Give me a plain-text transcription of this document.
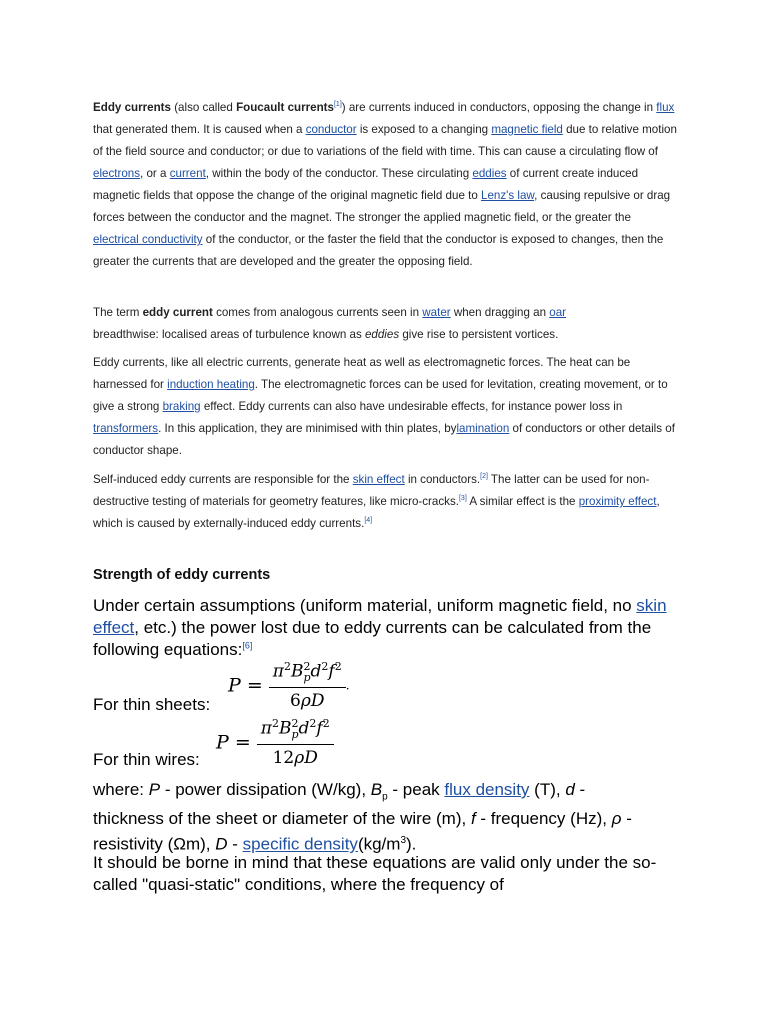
Eddy currents (also called Foucault currents[1]) are currents induced in conductors, opposing the change in flux that generated them. It is caused when a conductor is exposed to a changing magnetic field due to relative motion of the field source and conductor; or due to variations of the field with time. This can cause a circulating flow of electrons, or a current, within the body of the conductor. These circulating eddies of current create induced magnetic fields that oppose the change of the original magnetic field due to Lenz's law, causing repulsive or drag forces between the conductor and the magnet. The stronger the applied magnetic field, or the greater the electrical conductivity of the conductor, or the faster the field that the conductor is exposed to changes, then the greater the currents that are developed and the greater the opposing field.

The term eddy current comes from analogous currents seen in water when dragging an oar breadthwise: localised areas of turbulence known as eddies give rise to persistent vortices.

Eddy currents, like all electric currents, generate heat as well as electromagnetic forces. The heat can be harnessed for induction heating. The electromagnetic forces can be used for levitation, creating movement, or to give a strong braking effect. Eddy currents can also have undesirable effects, for instance power loss in transformers. In this application, they are minimised with thin plates, bylamination of conductors or other details of conductor shape.

Self-induced eddy currents are responsible for the skin effect in conductors.[2] The latter can be used for non-destructive testing of materials for geometry features, like micro-cracks.[3] A similar effect is the proximity effect, which is caused by externally-induced eddy currents.[4]

Strength of eddy currents

Under certain assumptions (uniform material, uniform magnetic field, no skin effect, etc.) the power lost due to eddy currents can be calculated from the following equations:[6]

For thin sheets:
$P = \frac{\pi^2B^2_pd^2f^2}{6\rho D}$ .
For thin wires:
$P = \frac{\pi^2B^2_pd^2f^2}{12\rho D}$

where: P - power dissipation (W/kg), $B_p$ - peak flux density (T), d - thickness of the sheet or diameter of the wire (m), f - frequency (Hz), ρ - resistivity (Ωm), D - specific $density(kg/m^3)$.

It should be borne in mind that these equations are valid only under the so-called "quasi-static" conditions, where the frequency of
